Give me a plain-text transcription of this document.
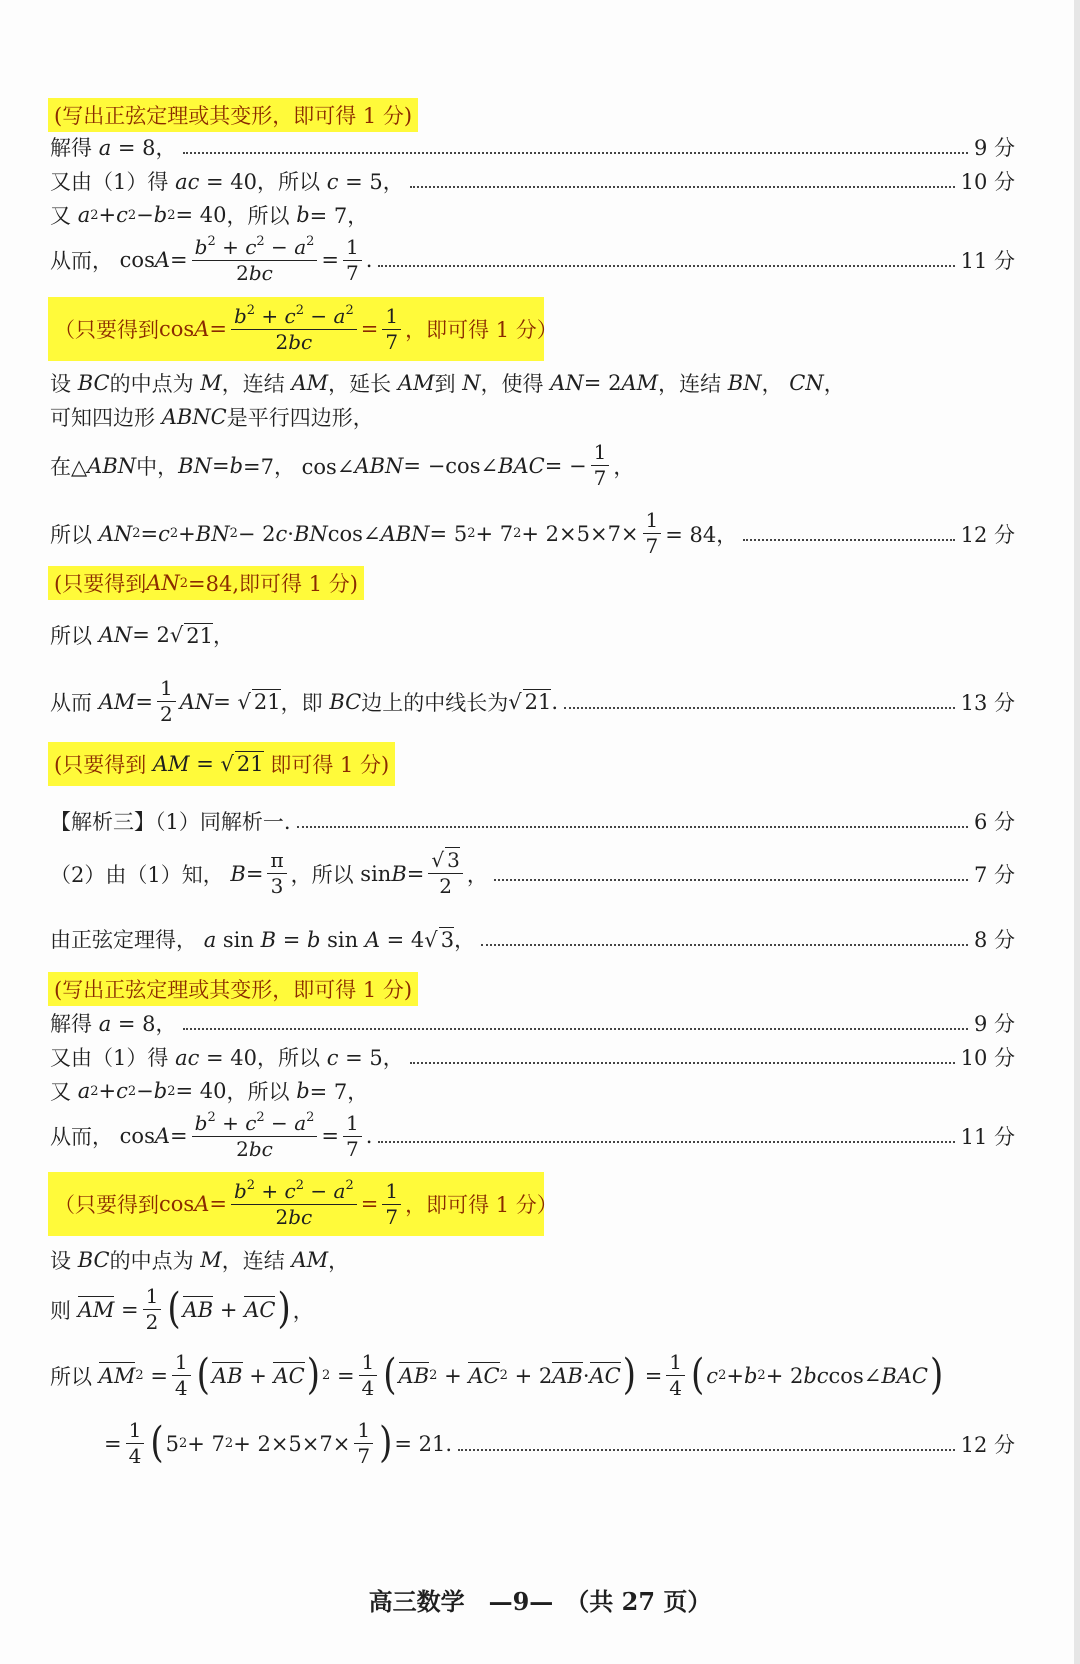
(写出正弦定理或其变形，即可得 1 分)
解得 a = 8，	9 分
又由（1）得 ac = 40，所以 c = 5，	10 分
又
a 2 + c 2 − b 2 = 40 ，所以
b = 7，
从而， $\cos A = \frac{b^2 + c^2 - a^2}{2bc} = \frac{1}{7}$ .	11 分
（只要得到 $\cos A = \frac{b^2 + c^2 - a^2}{2bc} = \frac{1}{7}$ ，即可得 1 分）
设
BC 的中点为
M ，连结
AM ，延长
AM 到
N ，使得
AN = 2 AM ，连结
BN ， CN ，
可知四边形
ABNC 是平行四边形，
在△ ABN 中， BN = b =7， cos∠ ABN = −cos∠ BAC = − $\frac{1}{7}$ ，
所以
AN 2 = c 2 + BN 2 − 2 c · BN cos∠ ABN = 5 2 + 7 $2 + 2\times 5\times 7\times \frac{1}{7} = 84$，	12 分
(只要得到 AN 2 =84,即可得 1 分)
所以
AN = 2√ 21 ，
从而
AM = $\frac{1}{2}$ AN = √ 21 ，即
BC 边上的中线长为 √ 21 .	13 分
(只要得到
AM
= √ 21
即可得 1 分)
【解析三】（1）同解析一.	6 分
（2）由（1）知，
$B = \frac{\pi}{3}$ ，所以 $\sin B = \frac{√ 3}{2}$ ，	7 分
由正弦定理得， a sin B = b sin A = 4√ 3，	8 分
(写出正弦定理或其变形，即可得 1 分)
解得 a = 8，	9 分
又由（1）得 ac = 40，所以 c = 5，	10 分
又
a 2 + c 2 − b 2 = 40 ，所以
b = 7，
从而， $\cos A = \frac{b^2 + c^2 - a^2}{2bc} = \frac{1}{7}$ .	11 分
（只要得到 $\cos A = \frac{b^2 + c^2 - a^2}{2bc} = \frac{1}{7}$ ，即可得 1 分）
设
BC 的中点为
M ，连结
AM ，
则
AM = $\frac{1}{2}$ ( AB + AC ) ，
所以
AM $2 = \frac{1}{4}$ ( AB + AC ) $2 = \frac{1}{4}$ ( AB 2 + AC 2 + 2 AB · AC ) = $\frac{1}{4}$ ( c 2 + b 2 + 2 bc cos∠ BAC )
= $\frac{1}{4}$ ( 5 2 + 7 $2 + 2\times 5\times 7\times \frac{1}{7}$ ) = 21.	12 分
高三数学　—9—　（共 27 页）
